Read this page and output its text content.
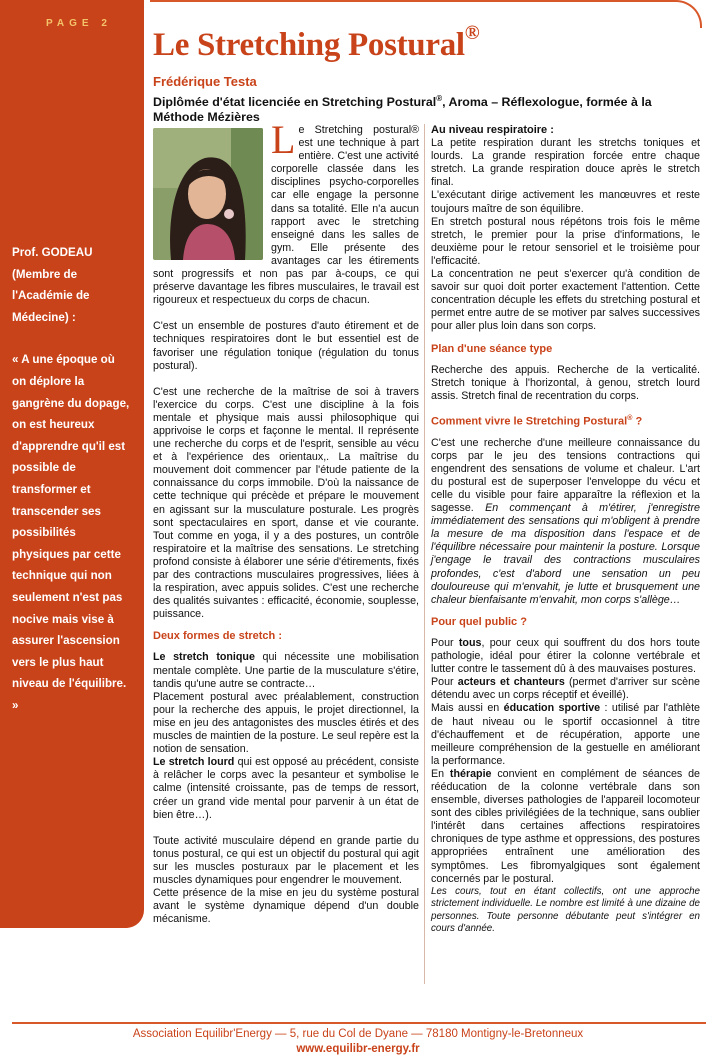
PAGE 2

Prof. GODEAU (Membre de l'Académie de Médecine) :

« A une époque où on déplore la gangrène du dopage, on est heureux d'apprendre qu'il est possible de transformer et transcender ses possibilités physiques par cette technique qui non seulement n'est pas nocive mais vise à assurer l'ascension vers le plus haut niveau de l'équilibre. »

Le Stretching Postural®
Frédérique Testa
Diplômée d'état licenciée en Stretching Postural®, Aroma – Réflexologue, formée à la Méthode Mézières Le Stretching postural® est une technique à part entière. C'est une activité corporelle classée dans les disciplines psycho-corporelles car elle engage la personne dans sa totalité. Elle n'a aucun rapport avec le stretching enseigné dans les salles de gym. Elle présente des avantages car les étirements sont progressifs et non pas par à-coups, ce qui préserve davantage les fibres musculaires, le travail est rigoureux et respectueux du corps de chacun.

C'est un ensemble de postures d'auto étirement et de techniques respiratoires dont le but essentiel est de favoriser une régulation tonique (régulation du tonus postural).

C'est une recherche de la maîtrise de soi à travers l'exercice du corps. C'est une discipline à la fois mentale et physique mais aussi philosophique qui apprivoise le corps et façonne le mental. Il représente une recherche du corps et de l'esprit, sensible au vécu et à l'expérience des orientaux,. La maîtrise du mouvement doit commencer par l'étude patiente de la connaissance du corps immobile. D'où la naissance de cette technique qui précède et prépare le mouvement en agissant sur la musculature posturale. Les progrès sont spectaculaires en sport, danse et vie courante. Tout comme en yoga, il y a des postures, un contrôle respiratoire et la maîtrise des sensations. Le stretching profond consiste à élaborer une série d'étirements, fixés par des contractions musculaires progressives, liées à la respiration, avec appuis solides. C'est une recherche des qualités suivantes : efficacité, économie, souplesse, puissance.

Deux formes de stretch :

Le stretch tonique qui nécessite une mobilisation mentale complète. Une partie de la musculature s'étire, tandis qu'une autre se contracte…

Placement postural avec préalablement, construction pour la recherche des appuis, le projet directionnel, la mise en jeu des antagonistes des muscles étirés et des muscles de maintien de la posture. Le seul repère est la notion de sensation.

Le stretch lourd qui est opposé au précédent, consiste à relâcher le corps avec la pesanteur et symbolise le calme (intensité croissante, pas de temps de ressort, créer un grand vide mental pour parvenir à un état de bien être…).

Toute activité musculaire dépend en grande partie du tonus postural, ce qui est un objectif du postural qui agit sur les muscles posturaux par le placement et les muscles dynamiques pour engendrer le mouvement.

Cette présence de la mise en jeu du système postural avant le système dynamique dépend d'un double mécanisme.

Au niveau respiratoire :

La petite respiration durant les stretchs toniques et lourds. La grande respiration forcée entre chaque stretch. La grande respiration douce après le stretch final.

L'exécutant dirige activement les manœuvres et reste toujours maître de son équilibre.

En stretch postural nous répétons trois fois le même stretch, le premier pour la prise d'informations, le deuxième pour le retour sensoriel et le troisième pour l'efficacité.

La concentration ne peut s'exercer qu'à condition de savoir sur quoi doit porter exactement l'attention. Cette concentration décuple les effets du stretching postural et permet entre autre de se motiver par salves successives pour aller plus loin dans son corps.

Plan d'une séance type

Recherche des appuis. Recherche de la verticalité. Stretch tonique à l'horizontal, à genou, stretch lourd assis. Stretch final de recentration du corps.

Comment vivre le Stretching Postural® ?

C'est une recherche d'une meilleure connaissance du corps par le jeu des tensions contractions qui engendrent des sensations de volume et chaleur. L'art du postural est de superposer l'enveloppe du vécu et celle du visible pour faire apparaître la réflexion et la sagesse. En commençant à m'étirer, j'enregistre immédiatement des sensations qui m'obligent à prendre la mesure de ma disposition dans l'espace et de l'équilibre nécessaire pour maintenir la posture. Lorsque j'engage le travail des contractions musculaires profondes, c'est d'abord une sensation un peu douloureuse qui m'envahit, je lutte et brusquement une chaleur bienfaisante m'envahit, mon corps s'allège…

Pour quel public ?

Pour tous, pour ceux qui souffrent du dos hors toute pathologie, idéal pour étirer la colonne vertébrale et lutter contre le tassement dû à des mauvaises postures.

Pour acteurs et chanteurs (permet d'arriver sur scène détendu avec un corps réceptif et éveillé).

Mais aussi en éducation sportive : utilisé par l'athlète de haut niveau ou le sportif occasionnel à titre d'échauffement et de récupération, apporte une meilleure compréhension de la gestuelle en améliorant la performance.

En thérapie convient en complément de séances de rééducation de la colonne vertébrale dans son ensemble, diverses pathologies de l'appareil locomoteur sont des cibles privilégiées de la technique, sans oublier l'intérêt dans certaines affections respiratoires chroniques de type asthme et oppressions, des postures appropriées entraînent une amélioration des symptômes. Les fibromyalgiques sont également concernés par le postural.

Les cours, tout en étant collectifs, ont une approche strictement individuelle. Le nombre est limité à une dizaine de personnes. Toute personne débutante peut s'intégrer en cours d'année.

Association Equilibr'Energy — 5, rue du Col de Dyane — 78180 Montigny-le-Bretonneux
www.equilibr-energy.fr
